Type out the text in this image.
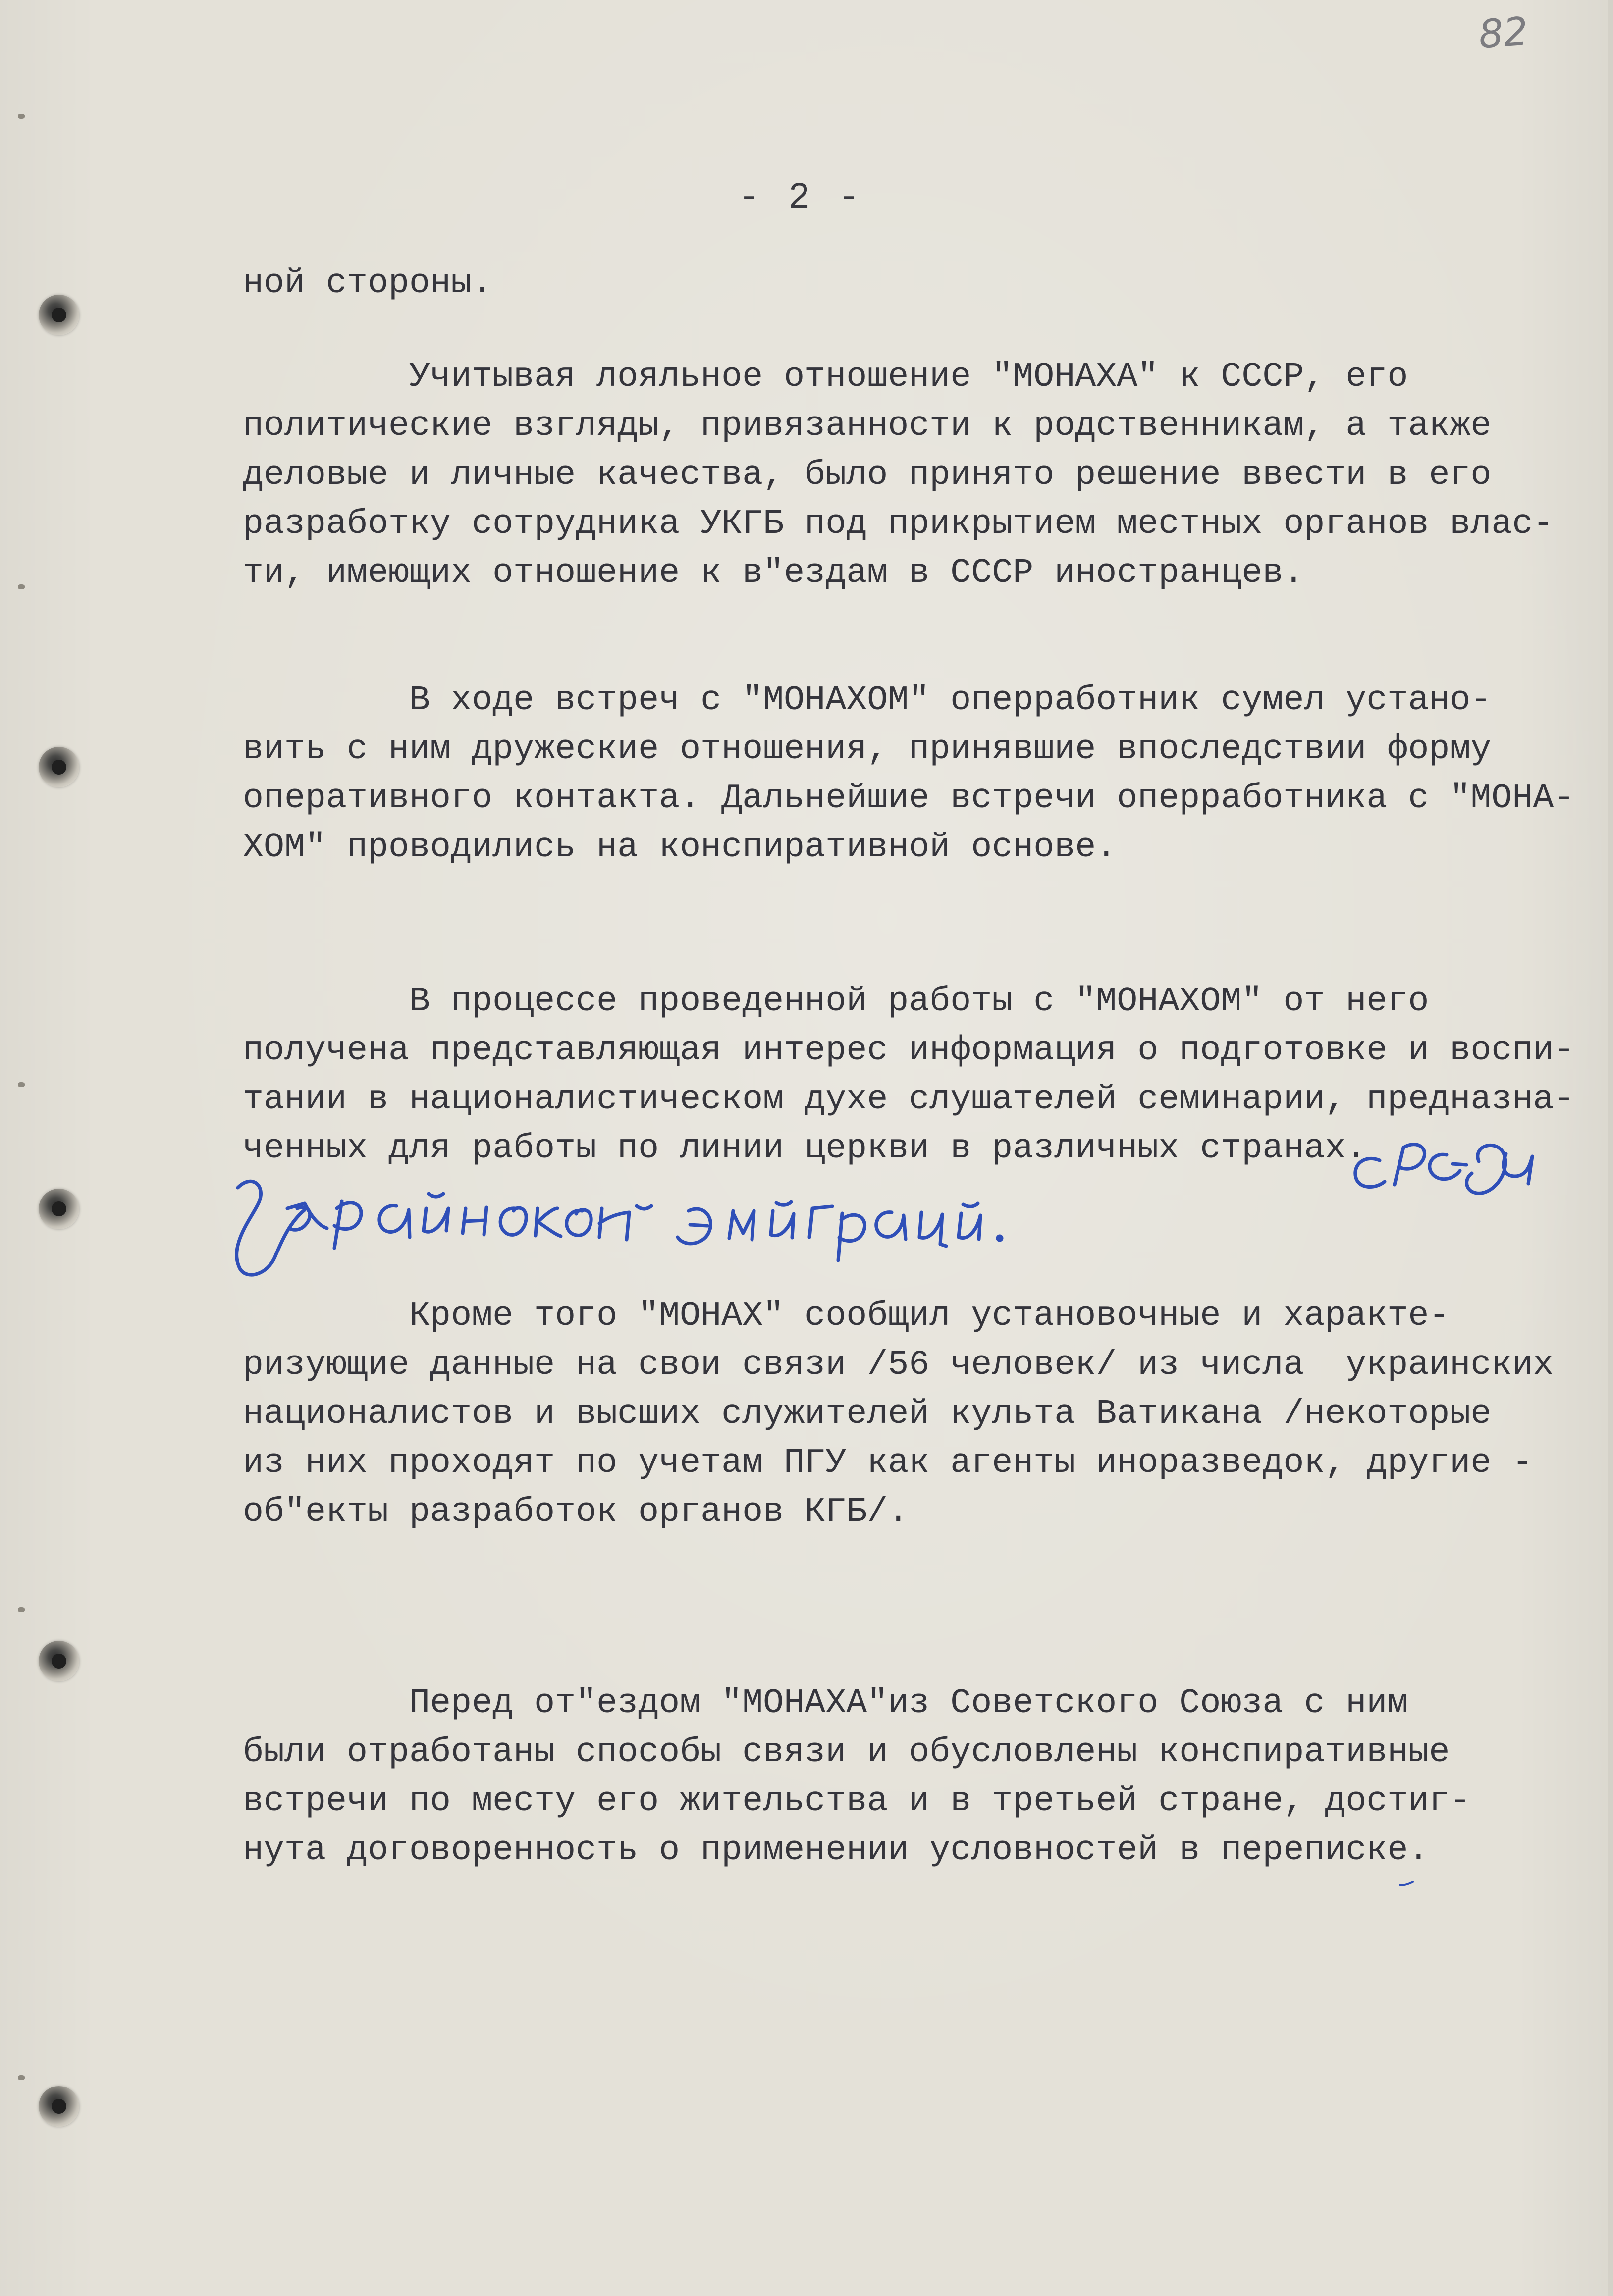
82
- 2 -

ной стороны.

Учитывая лояльное отношение "МОНАХА" к СССР, его
политические взгляды, привязанности к родственникам, а также
деловые и личные качества, было принято решение ввести в его
разработку сотрудника УКГБ под прикрытием местных органов влас-
ти, имеющих отношение к в"ездам в СССР иностранцев.

В ходе встреч с "МОНАХОМ" оперработник сумел устано-
вить с ним дружеские отношения, принявшие впоследствии форму
оперативного контакта. Дальнейшие встречи оперработника с "МОНА-
ХОМ" проводились на конспиративной основе.

В процессе проведенной работы с "МОНАХОМ" от него
получена представляющая интерес информация о подготовке и воспи-
тании в националистическом духе слушателей семинарии, предназна-
ченных для работы по линии церкви в различных странах.

Кроме того "МОНАХ" сообщил установочные и характе-
ризующие данные на свои связи /56 человек/ из числа  украинских
националистов и высших служителей культа Ватикана /некоторые
из них проходят по учетам ПГУ как агенты иноразведок, другие -
об"екты разработок органов КГБ/.

Перед от"ездом "МОНАХА"из Советского Союза с ним
были отработаны способы связи и обусловлены конспиративные
встречи по месту его жительства и в третьей стране, достиг-
нута договоренность о применении условностей в переписке.
